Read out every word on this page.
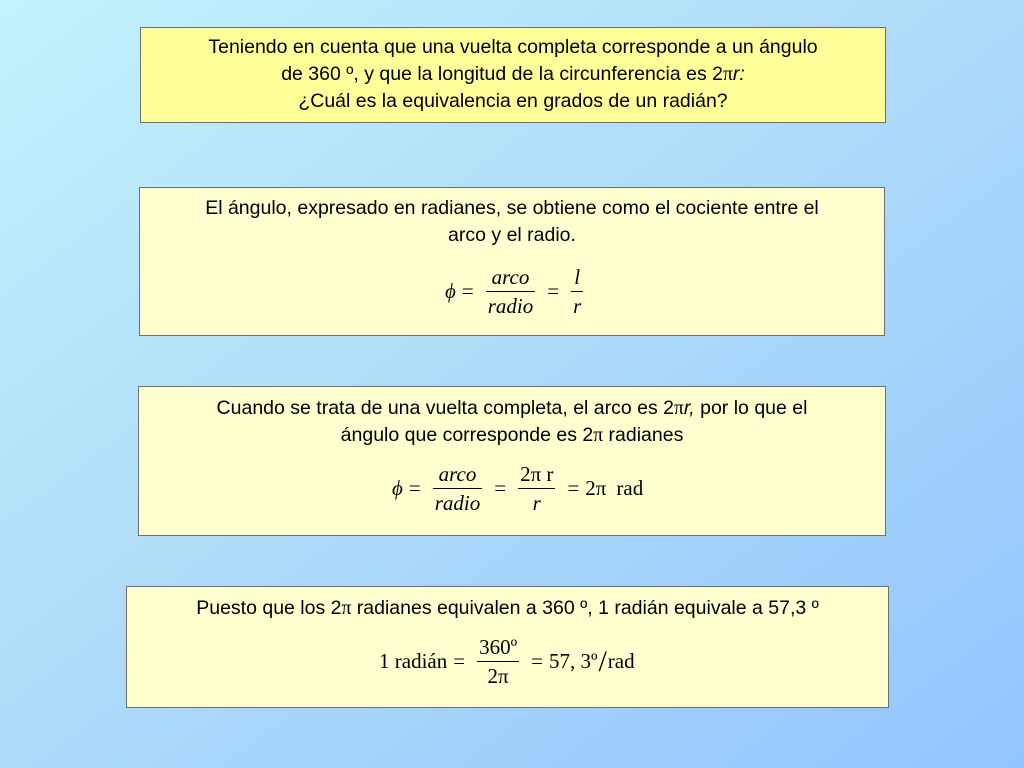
Teniendo en cuenta que una vuelta completa corresponde a un ángulo
de 360 º, y que la longitud de la circunferencia es 2πr:
¿Cuál es la equivalencia en grados de un radián?

El ángulo, expresado en radianes, se obtiene como el cociente entre el
arco y el radio.

$\phi = \frac{\text{arco}}{\text{radio}} = \frac{l}{r}$

Cuando se trata de una vuelta completa, el arco es 2πr, por lo que el
ángulo que corresponde es 2π radianes

$\phi = \frac{\text{arco}}{\text{radio}} = \frac{\text{2π r}}{r} = 2\pi$ rad

Puesto que los 2π radianes equivalen a 360 º, 1 radián equivale a 57,3 º

1 radián = $\frac{\text{360º}}{2\pi} = 57$, 3º / rad
